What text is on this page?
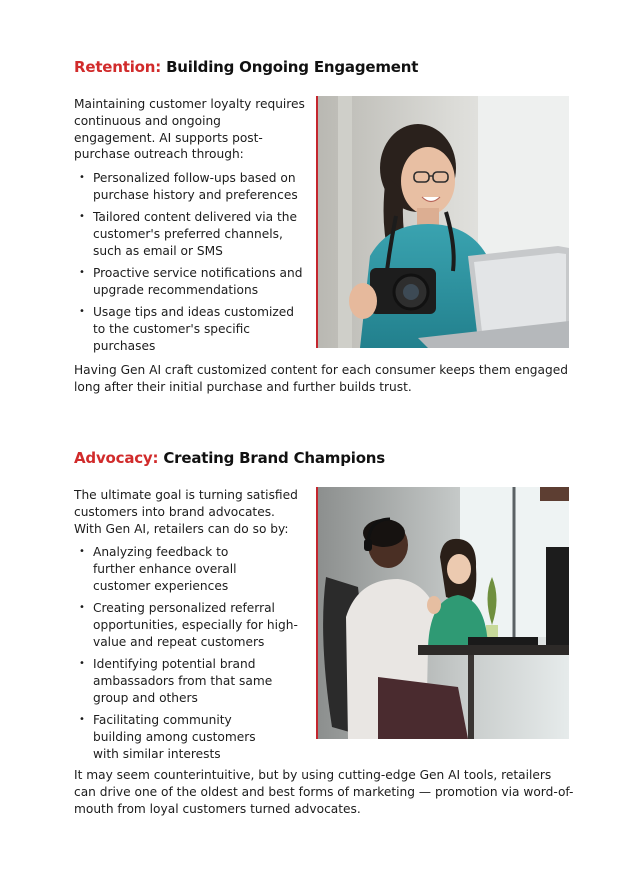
Retention: Building Ongoing Engagement

Maintaining customer loyalty requires continuous and ongoing engagement. AI supports post-purchase outreach through:

• Personalized follow-ups based on purchase history and preferences
• Tailored content delivered via the customer's preferred channels, such as email or SMS
• Proactive service notifications and upgrade recommendations
• Usage tips and ideas customized to the customer's specific purchases

Having Gen AI craft customized content for each consumer keeps them engaged long after their initial purchase and further builds trust.

Advocacy: Creating Brand Champions

The ultimate goal is turning satisfied customers into brand advocates. With Gen AI, retailers can do so by:

• Analyzing feedback to further enhance overall customer experiences
• Creating personalized referral opportunities, especially for high-value and repeat customers
• Identifying potential brand ambassadors from that same group and others
• Facilitating community building among customers with similar interests

It may seem counterintuitive, but by using cutting-edge Gen AI tools, retailers can drive one of the oldest and best forms of marketing — promotion via word-of-mouth from loyal customers turned advocates.
